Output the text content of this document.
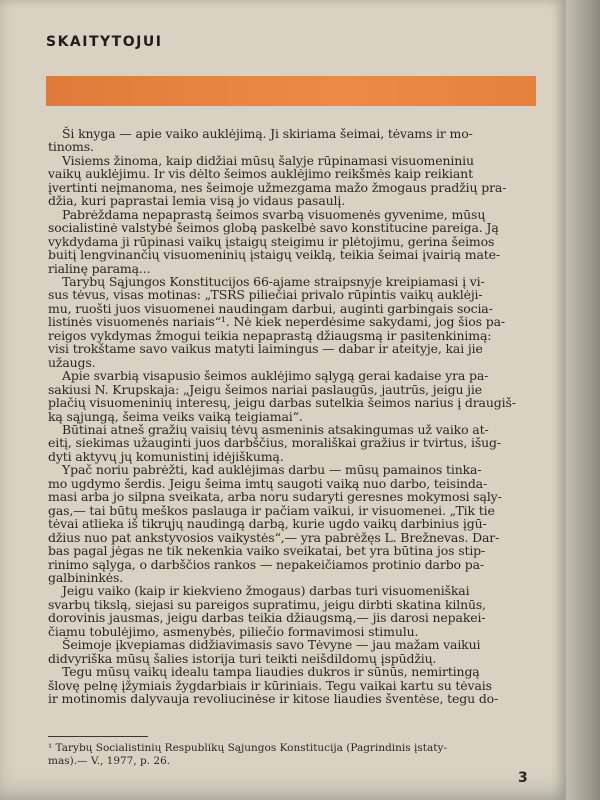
SKAITYTOJUI

Ši knyga — apie vaiko auklėjimą. Ji skiriama šeimai, tėvams ir mo-
tinoms.

Visiems žinoma, kaip didžiai mūsų šalyje rūpinamasi visuomeniniu
vaikų auklėjimu. Ir vis dėlto šeimos auklėjimo reikšmės kaip reikiant
įvertinti neįmanoma, nes šeimoje užmezgama mažo žmogaus pradžių pra-
džia, kuri paprastai lemia visą jo vidaus pasaulį.

Pabrėždama nepaprastą šeimos svarbą visuomenės gyvenime, mūsų
socialistinė valstybė šeimos globą paskelbė savo konstitucine pareiga. Ją
vykdydama ji rūpinasi vaikų įstaigų steigimu ir plėtojimu, gerina šeimos
buitį lengvinančių visuomeninių įstaigų veiklą, teikia šeimai įvairią mate-
rialinę paramą...

Tarybų Sąjungos Konstitucijos 66-ajame straipsnyje kreipiamasi į vi-
sus tėvus, visas motinas: „TSRS piliečiai privalo rūpintis vaikų auklėji-
mu, ruošti juos visuomenei naudingam darbui, auginti garbingais socia-
listinės visuomenės nariais“¹. Nė kiek neperdėsime sakydami, jog šios pa-
reigos vykdymas žmogui teikia nepaprastą džiaugsmą ir pasitenkinimą:
visi trokštame savo vaikus matyti laimingus — dabar ir ateityje, kai jie
užaugs.

Apie svarbią visapusio šeimos auklėjimo sąlygą gerai kadaise yra pa-
sakiusi N. Krupskaja: „Jeigu šeimos nariai paslaugūs, jautrūs, jeigu jie
plačių visuomeninių interesų, jeigu darbas sutelkia šeimos narius į draugiš-
ką sąjungą, šeima veiks vaiką teigiamai“.

Būtinai atneš gražių vaisių tėvų asmeninis atsakingumas už vaiko at-
eitį, siekimas užauginti juos darbščius, morališkai gražius ir tvirtus, išug-
dyti aktyvų jų komunistinį idėjiškumą.

Ypač noriu pabrėžti, kad auklėjimas darbu — mūsų pamainos tinka-
mo ugdymo šerdis. Jeigu šeima imtų saugoti vaiką nuo darbo, teisinda-
masi arba jo silpna sveikata, arba noru sudaryti geresnes mokymosi sąly-
gas,— tai būtų meškos paslauga ir pačiam vaikui, ir visuomenei. „Tik tie
tėvai atlieka iš tikrųjų naudingą darbą, kurie ugdo vaikų darbinius įgū-
džius nuo pat ankstyvosios vaikystės“,— yra pabrėžęs L. Brežnevas. Dar-
bas pagal jėgas ne tik nekenkia vaiko sveikatai, bet yra būtina jos stip-
rinimo sąlyga, o darbščios rankos — nepakeičiamos protinio darbo pa-
galbininkės.

Jeigu vaiko (kaip ir kiekvieno žmogaus) darbas turi visuomeniškai
svarbų tikslą, siejasi su pareigos supratimu, jeigu dirbti skatina kilnūs,
dorovinis jausmas, jeigu darbas teikia džiaugsmą,— jis darosi nepakei-
čiamu tobulėjimo, asmenybės, piliečio formavimosi stimulu.

Šeimoje įkvepiamas didžiavimasis savo Tėvyne — jau mažam vaikui
didvyriška mūsų šalies istorija turi teikti neišdildomų įspūdžių.

Tegu mūsų vaikų idealu tampa liaudies dukros ir sūnūs, nemirtingą
šlovę pelnę įžymiais žygdarbiais ir kūriniais. Tegu vaikai kartu su tėvais
ir motinomis dalyvauja revoliucinėse ir kitose liaudies šventėse, tegu do-

¹ Tarybų Socialistinių Respublikų Sąjungos Konstitucija (Pagrindinis įstaty-
mas).— V., 1977, p. 26.
3
